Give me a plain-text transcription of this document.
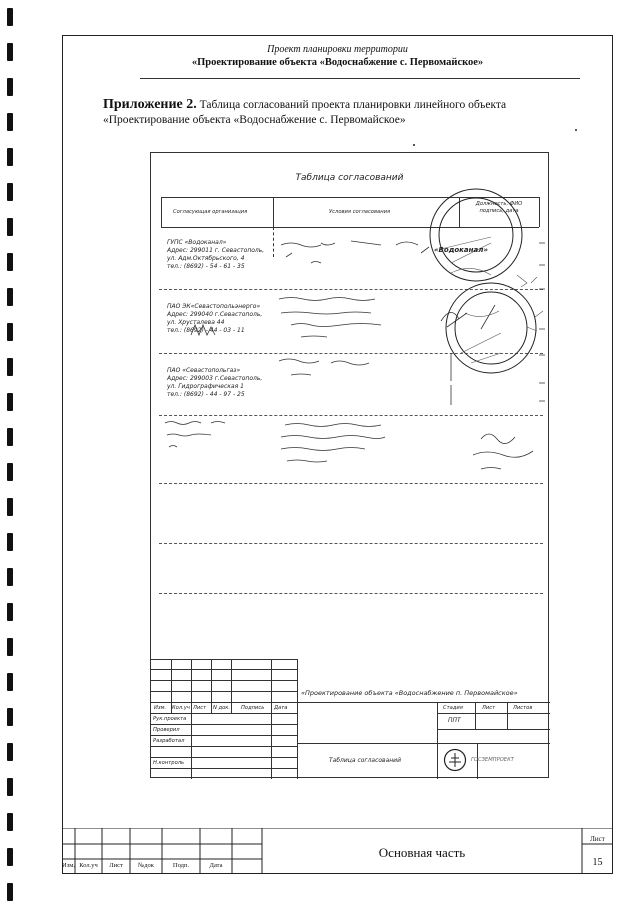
Проект планировки территории
«Проектирование объекта «Водоснабжение с. Первомайское»
Приложение 2. Таблица согласований проекта планировки линейного объекта «Проектирование объекта «Водоснабжение с. Первомайское»
Таблица согласований
Согласующая организация	Условия согласования
Должность, ФИО подпись, дата
ГУПС «Водоканал»
Адрес: 299011 г. Севастополь,
ул. Адм.Октябрьского, 4
тел.: (8692) - 54 - 61 - 35
ПАО ЭК«Севастопольэнерго»
Адрес: 299040 г.Севастополь,
ул. Хрусталева 44
тел.: (8692) - 44 - 03 - 11
ПАО «Севастопольгаз»
Адрес: 299003 г.Севастополь,
ул. Гидрографическая 1
тел.: (8692) - 44 - 97 - 25
«Водоканал»
«Проектирование объекта «Водоснабжение п. Первомайское»
Изм. Кол.уч Лист N док. Подпись Дата
Рук.проекта
Проверил
Разработал
Н.контроль
Стадия	Лист	Листов
ППТ
Таблица согласований	ГОСЗЕМПРОЕКТ
Изм. Кол.уч	Лист	№док	Подп.	Дата
Основная часть
Лист
15
